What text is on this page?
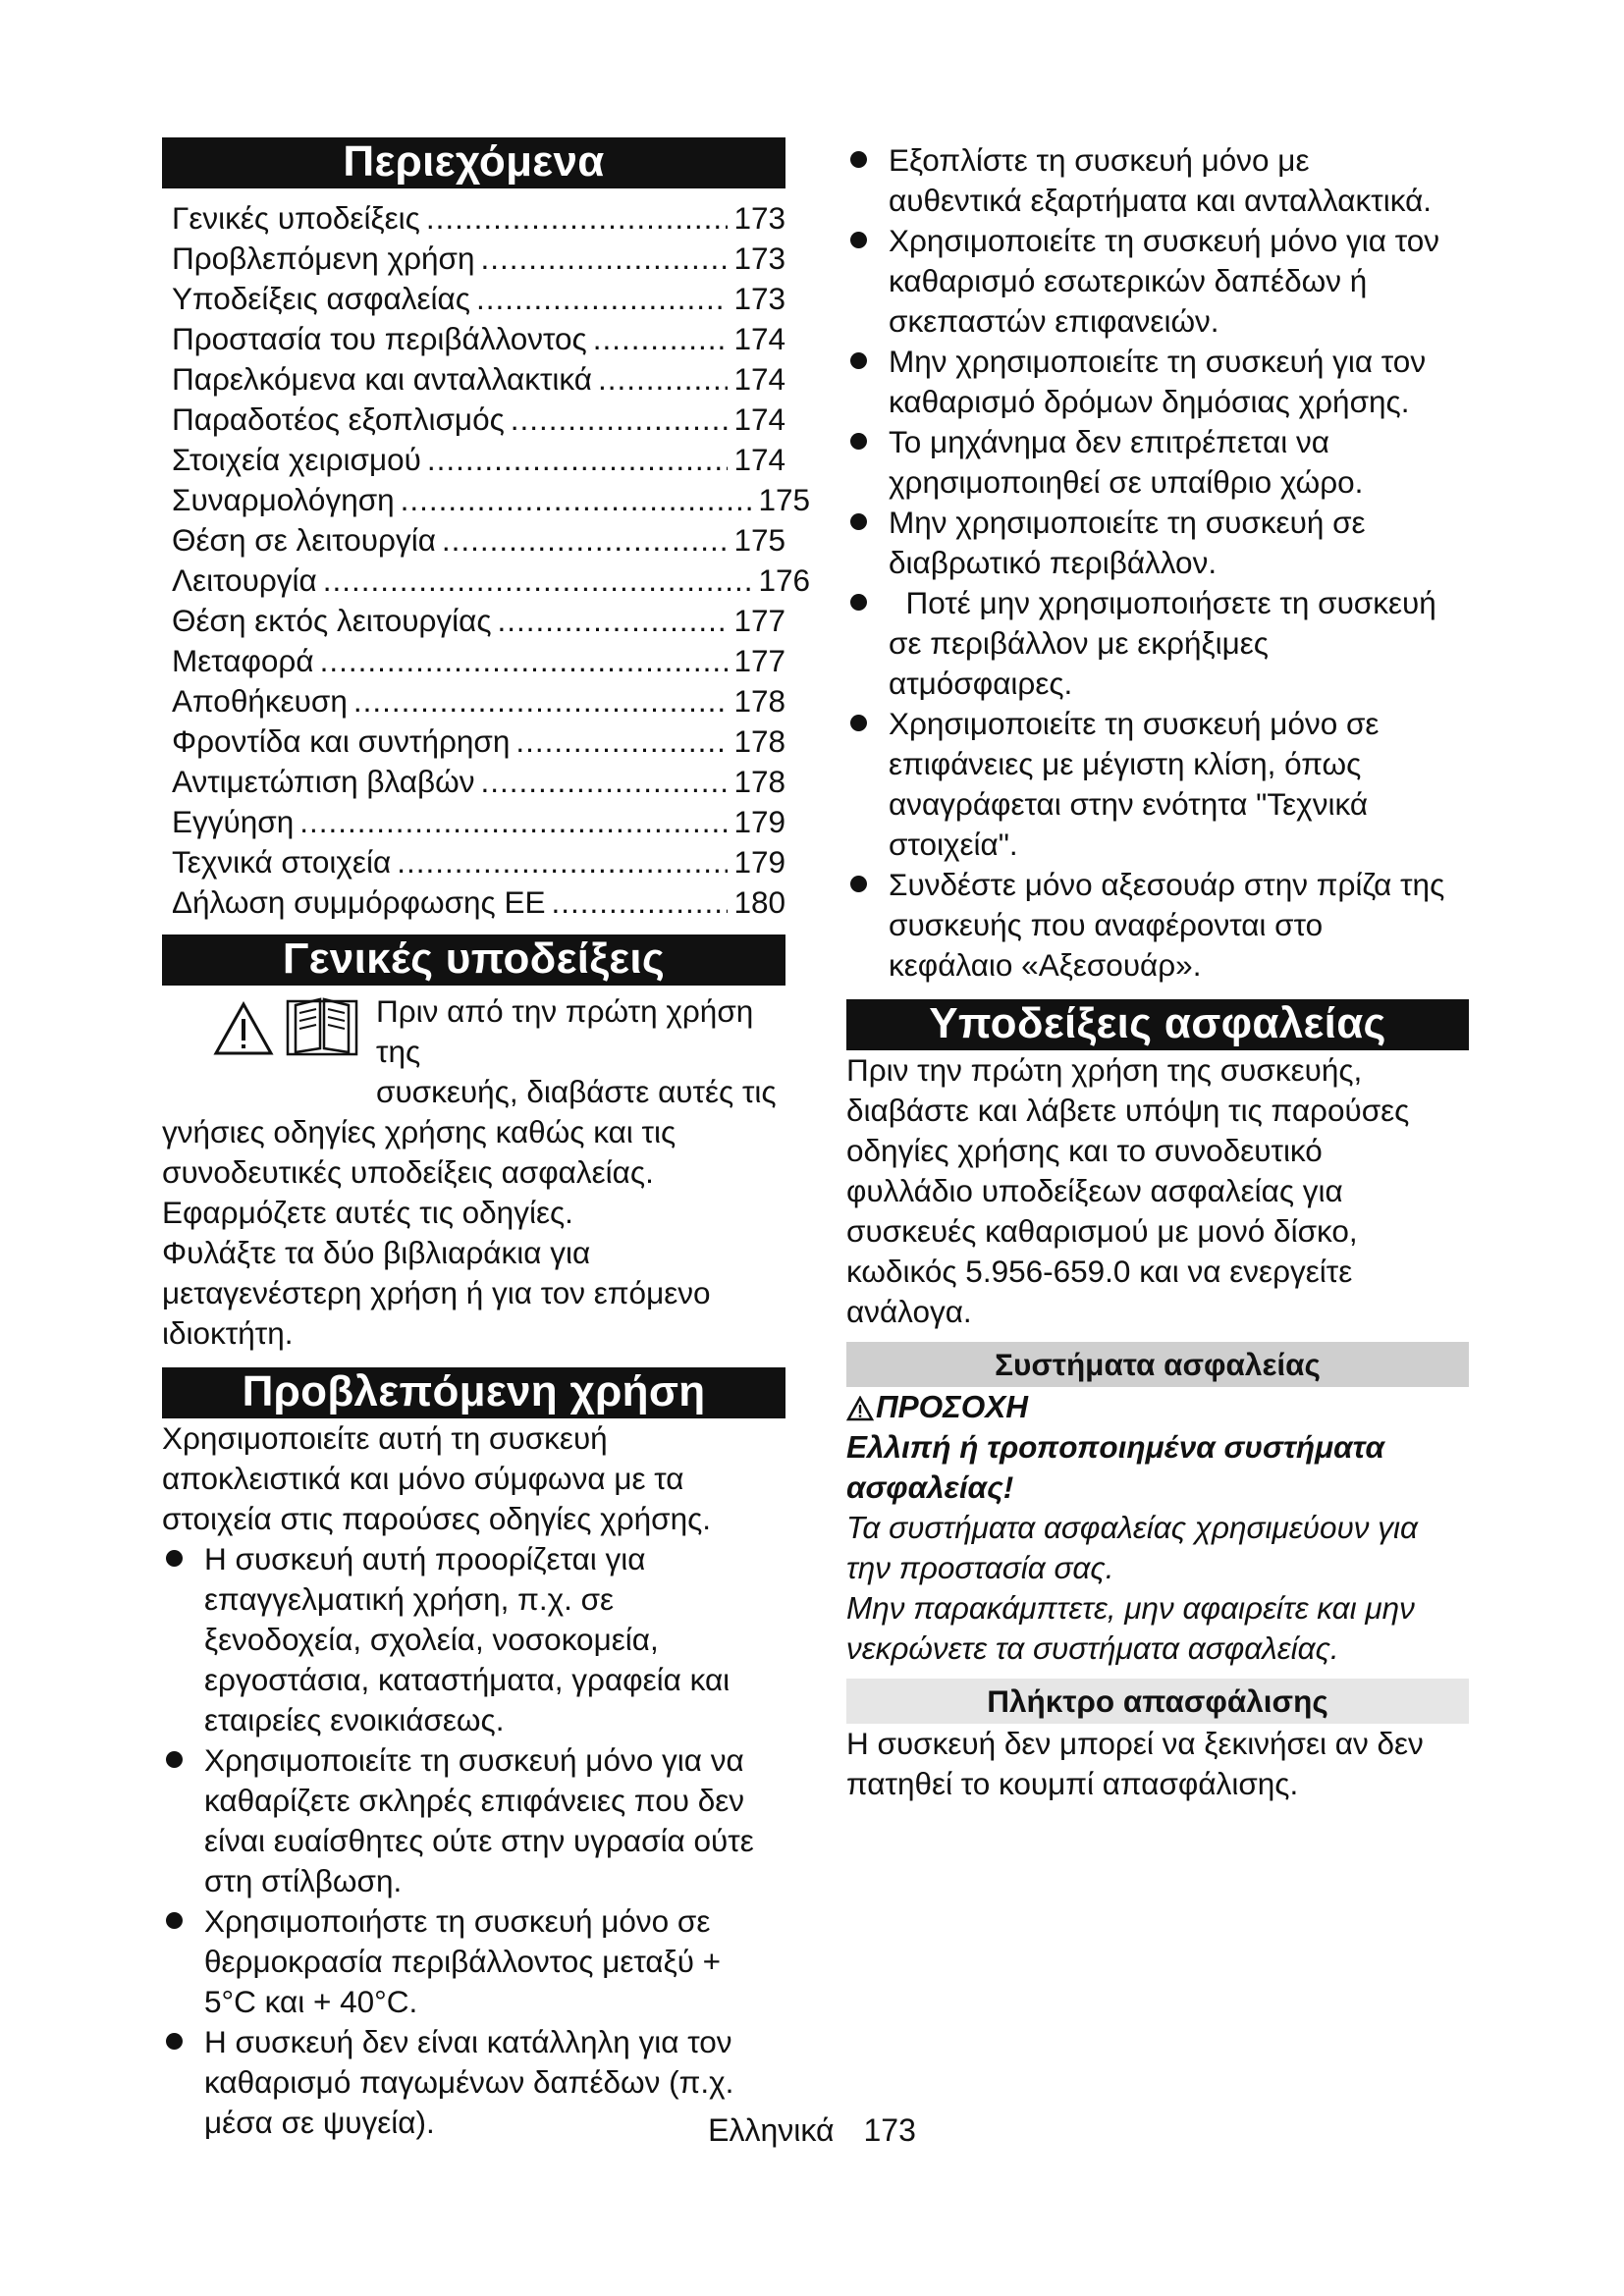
Περιεχόμενα
Γενικές υποδείξεις .....	173
Προβλεπόμενη χρήση .....	173
Υποδείξεις ασφαλείας .....	173
Προστασία του περιβάλλοντος .....	174
Παρελκόμενα και ανταλλακτικά .....	174
Παραδοτέος εξοπλισμός .....	174
Στοιχεία χειρισμού .....	174
Συναρμολόγηση .....	175
Θέση σε λειτουργία .....	175
Λειτουργία .....	176
Θέση εκτός λειτουργίας .....	177
Μεταφορά .....	177
Αποθήκευση .....	178
Φροντίδα και συντήρηση .....	178
Αντιμετώπιση βλαβών .....	178
Εγγύηση .....	179
Τεχνικά στοιχεία .....	179
Δήλωση συμμόρφωσης ΕΕ .....	180
Γενικές υποδείξεις

Πριν από την πρώτη χρήση της

συσκευής, διαβάστε αυτές τις

γνήσιες οδηγίες χρήσης καθώς και τις

συνοδευτικές υποδείξεις ασφαλείας.

Εφαρμόζετε αυτές τις οδηγίες.

Φυλάξτε τα δύο βιβλιαράκια για

μεταγενέστερη χρήση ή για τον επόμενο

ιδιοκτήτη.

Προβλεπόμενη χρήση

Χρησιμοποιείτε αυτή τη συσκευή

αποκλειστικά και μόνο σύμφωνα με τα

στοιχεία στις παρούσες οδηγίες χρήσης.

Η συσκευή αυτή προορίζεται για
επαγγελματική χρήση, π.χ. σε
ξενοδοχεία, σχολεία, νοσοκομεία,
εργοστάσια, καταστήματα, γραφεία και
εταιρείες ενοικιάσεως.
Χρησιμοποιείτε τη συσκευή μόνο για να
καθαρίζετε σκληρές επιφάνειες που δεν
είναι ευαίσθητες ούτε στην υγρασία ούτε
στη στίλβωση.
Χρησιμοποιήστε τη συσκευή μόνο σε
θερμοκρασία περιβάλλοντος μεταξύ +
5°C και + 40°C.
Η συσκευή δεν είναι κατάλληλη για τον
καθαρισμό παγωμένων δαπέδων (π.χ.
μέσα σε ψυγεία).
Εξοπλίστε τη συσκευή μόνο με
αυθεντικά εξαρτήματα και ανταλλακτικά.
Χρησιμοποιείτε τη συσκευή μόνο για τον
καθαρισμό εσωτερικών δαπέδων ή
σκεπαστών επιφανειών.
Μην χρησιμοποιείτε τη συσκευή για τον
καθαρισμό δρόμων δημόσιας χρήσης.
Το μηχάνημα δεν επιτρέπεται να
χρησιμοποιηθεί σε υπαίθριο χώρο.
Μην χρησιμοποιείτε τη συσκευή σε
διαβρωτικό περιβάλλον.
Ποτέ μην χρησιμοποιήσετε τη συσκευή
σε περιβάλλον με εκρήξιμες
ατμόσφαιρες.
Χρησιμοποιείτε τη συσκευή μόνο σε
επιφάνειες με μέγιστη κλίση, όπως
αναγράφεται στην ενότητα "Τεχνικά
στοιχεία".
Συνδέστε μόνο αξεσουάρ στην πρίζα της
συσκευής που αναφέρονται στο
κεφάλαιο «Αξεσουάρ».
Υποδείξεις ασφαλείας

Πριν την πρώτη χρήση της συσκευής,

διαβάστε και λάβετε υπόψη τις παρούσες

οδηγίες χρήσης και το συνοδευτικό

φυλλάδιο υποδείξεων ασφαλείας για

συσκευές καθαρισμού με μονό δίσκο,

κωδικός 5.956-659.0 και να ενεργείτε

ανάλογα.

Συστήματα ασφαλείας

ΠΡΟΣΟΧΗ

Ελλιπή ή τροποποιημένα συστήματα

ασφαλείας!

Τα συστήματα ασφαλείας χρησιμεύουν για

την προστασία σας.

Μην παρακάμπτετε, μην αφαιρείτε και μην

νεκρώνετε τα συστήματα ασφαλείας.

Πλήκτρο απασφάλισης

Η συσκευή δεν μπορεί να ξεκινήσει αν δεν

πατηθεί το κουμπί απασφάλισης.

Ελληνικά 173
